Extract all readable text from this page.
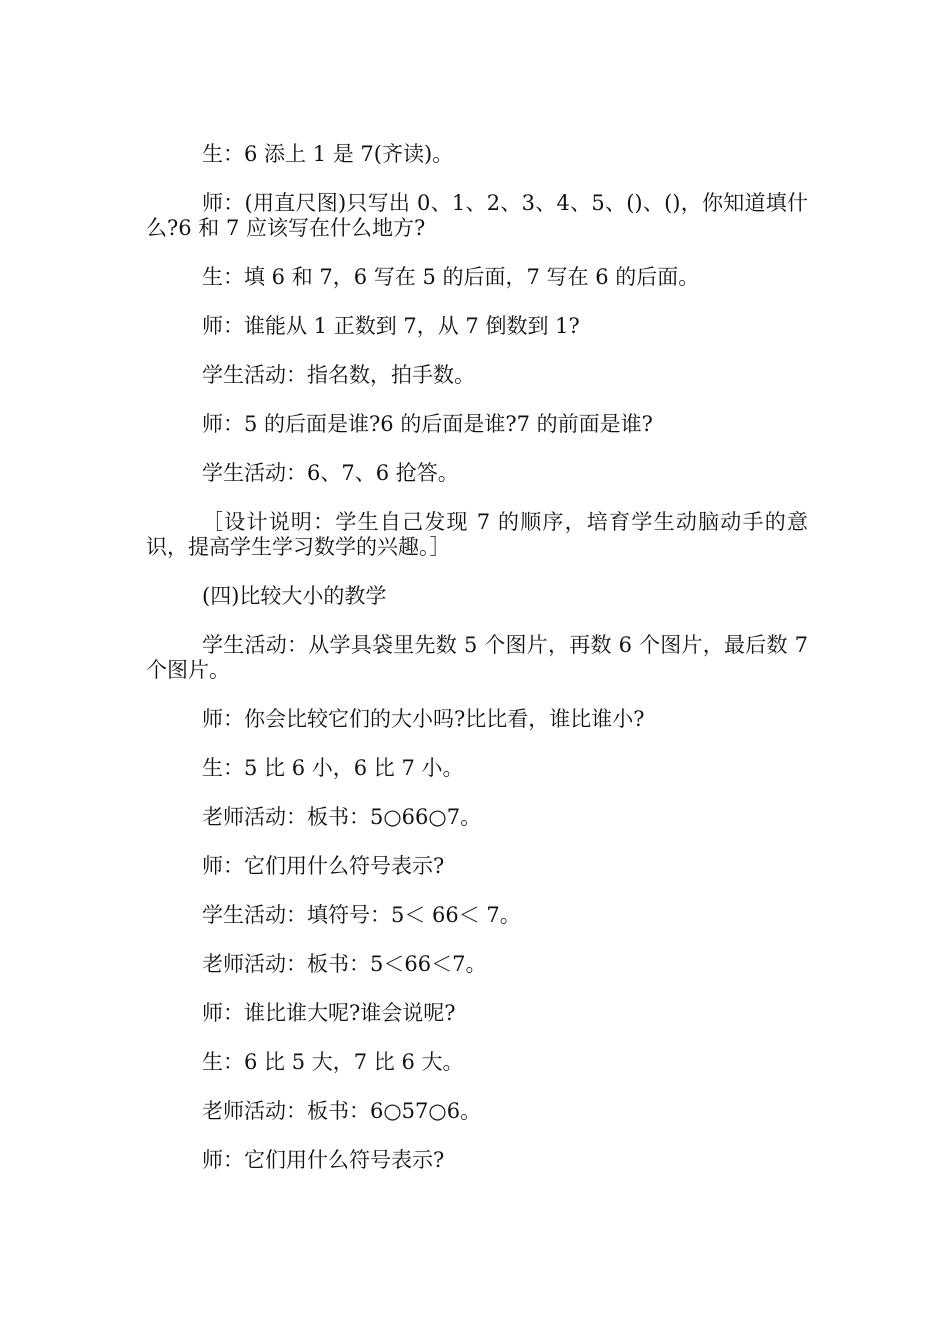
生：6 添上 1 是 7(齐读)。

师：(用直尺图)只写出 0、1、2、3、4、5、()、()，你知道填什么?6 和 7 应该写在什么地方?

生：填 6 和 7，6 写在 5 的后面，7 写在 6 的后面。

师：谁能从 1 正数到 7，从 7 倒数到 1?

学生活动：指名数，拍手数。

师：5 的后面是谁?6 的后面是谁?7 的前面是谁?

学生活动：6、7、6 抢答。

［设计说明：学生自己发现 7 的顺序，培育学生动脑动手的意识，提高学生学习数学的兴趣。］

(四)比较大小的教学

学生活动：从学具袋里先数 5 个图片，再数 6 个图片，最后数 7 个图片。

师：你会比较它们的大小吗?比比看，谁比谁小?

生：5 比 6 小，6 比 7 小。

老师活动：板书：5○66○7。

师：它们用什么符号表示?

学生活动：填符号：5＜ 66＜ 7。

老师活动：板书：5＜66＜7。

师：谁比谁大呢?谁会说呢?

生：6 比 5 大，7 比 6 大。

老师活动：板书：6○57○6。

师：它们用什么符号表示?
